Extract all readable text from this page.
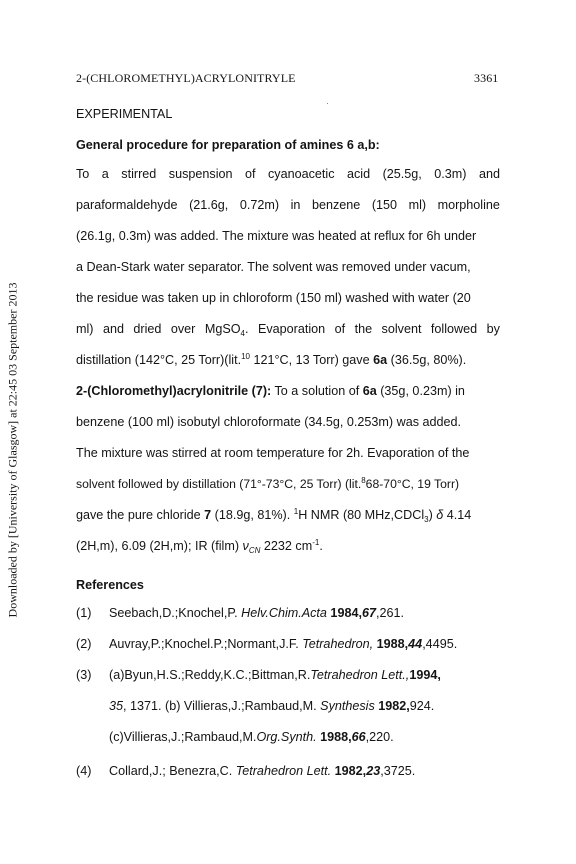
2-(CHLOROMETHYL)ACRYLONITRYLE	3361
Downloaded by [University of Glasgow] at 22:45 03 September 2013
EXPERIMENTAL
General procedure for preparation of amines 6 a,b:
To a stirred suspension of cyanoacetic acid (25.5g, 0.3m) and
paraformaldehyde (21.6g, 0.72m) in benzene (150 ml) morpholine
(26.1g, 0.3m) was added. The mixture was heated at reflux for 6h under
a Dean-Stark water separator. The solvent was removed under vacum,
the residue was taken up in chloroform (150 ml) washed with water (20
ml) and dried over MgSO$_4$. Evaporation of the solvent followed by
distillation (142°C, 25 Torr)(lit.$^{10}$ 121°C, 13 Torr) gave 6a (36.5g, 80%).
2-(Chloromethyl)acrylonitrile (7): To a solution of 6a (35g, 0.23m) in
benzene (100 ml) isobutyl chloroformate (34.5g, 0.253m) was added.
The mixture was stirred at room temperature for 2h. Evaporation of the
solvent followed by distillation (71°-73°C, 25 Torr) (lit.$^8$68-70°C, 19 Torr)
gave the pure chloride 7 (18.9g, 81%). $^1$H NMR (80 MHz,CDCl$_3$) δ 4.14
(2H,m), 6.09 (2H,m); IR (film) $\nu_{CN}$ 2232 $cm^{-1}$.
References
(1) Seebach,D.;Knochel,P. Helv.Chim.Acta 1984,67,261.
(2) Auvray,P.;Knochel.P.;Normant,J.F. Tetrahedron, 1988,44,4495.
(3) (a)Byun,H.S.;Reddy,K.C.;Bittman,R.Tetrahedron Lett.,1994,
35, 1371. (b) Villieras,J.;Rambaud,M. Synthesis 1982,924.
(c)Villieras,J.;Rambaud,M.Org.Synth. 1988,66,220.
(4) Collard,J.; Benezra,C. Tetrahedron Lett. 1982,23,3725.
